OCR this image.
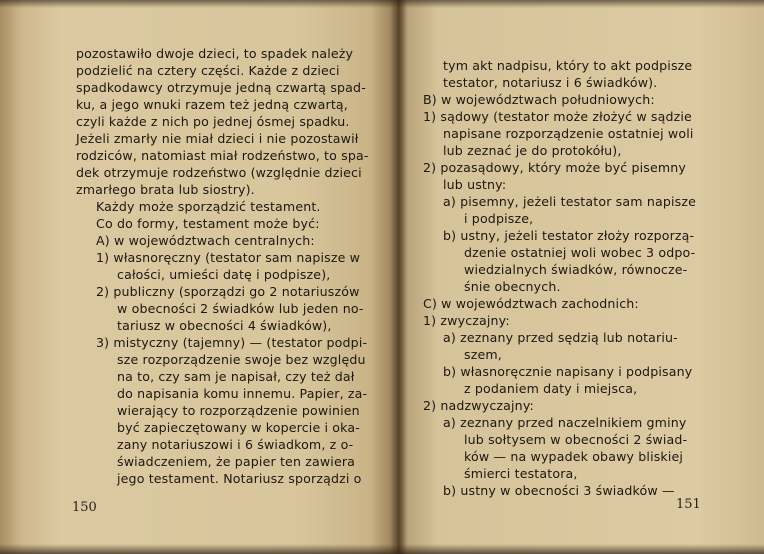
pozostawiło dwoje dzieci, to spadek należy
podzielić na cztery części. Każde z dzieci
spadkodawcy otrzymuje jedną czwartą spad-
ku, a jego wnuki razem też jedną czwartą,
czyli każde z nich po jednej ósmej spadku.
Jeżeli zmarły nie miał dzieci i nie pozostawił
rodziców, natomiast miał rodzeństwo, to spa-
dek otrzymuje rodzeństwo (względnie dzieci
zmarłego brata lub siostry).
Każdy może sporządzić testament.
Co do formy, testament może być:
A) w województwach centralnych:
1) własnoręczny (testator sam napisze w
całości, umieści datę i podpisze),
2) publiczny (sporządzi go 2 notariuszów
w obecności 2 świadków lub jeden no-
tariusz w obecności 4 świadków),
3) mistyczny (tajemny) — (testator podpi-
sze rozporządzenie swoje bez względu
na to, czy sam je napisał, czy też dał
do napisania komu innemu. Papier, za-
wierający to rozporządzenie powinien
być zapieczętowany w kopercie i oka-
zany notariuszowi i 6 świadkom, z o-
świadczeniem, że papier ten zawiera
jego testament. Notariusz sporządzi o
150
tym akt nadpisu, który to akt podpisze
testator, notariusz i 6 świadków).
B) w województwach południowych:
1) sądowy (testator może złożyć w sądzie
napisane rozporządzenie ostatniej woli
lub zeznać je do protokółu),
2) pozasądowy, który może być pisemny
lub ustny:
a) pisemny, jeżeli testator sam napisze
i podpisze,
b) ustny, jeżeli testator złoży rozporzą-
dzenie ostatniej woli wobec 3 odpo-
wiedzialnych świadków, równocze-
śnie obecnych.
C) w województwach zachodnich:
1) zwyczajny:
a) zeznany przed sędzią lub notariu-
szem,
b) własnoręcznie napisany i podpisany
z podaniem daty i miejsca,
2) nadzwyczajny:
a) zeznany przed naczelnikiem gminy
lub sołtysem w obecności 2 świad-
ków — na wypadek obawy bliskiej
śmierci testatora,
b) ustny w obecności 3 świadków —
151
